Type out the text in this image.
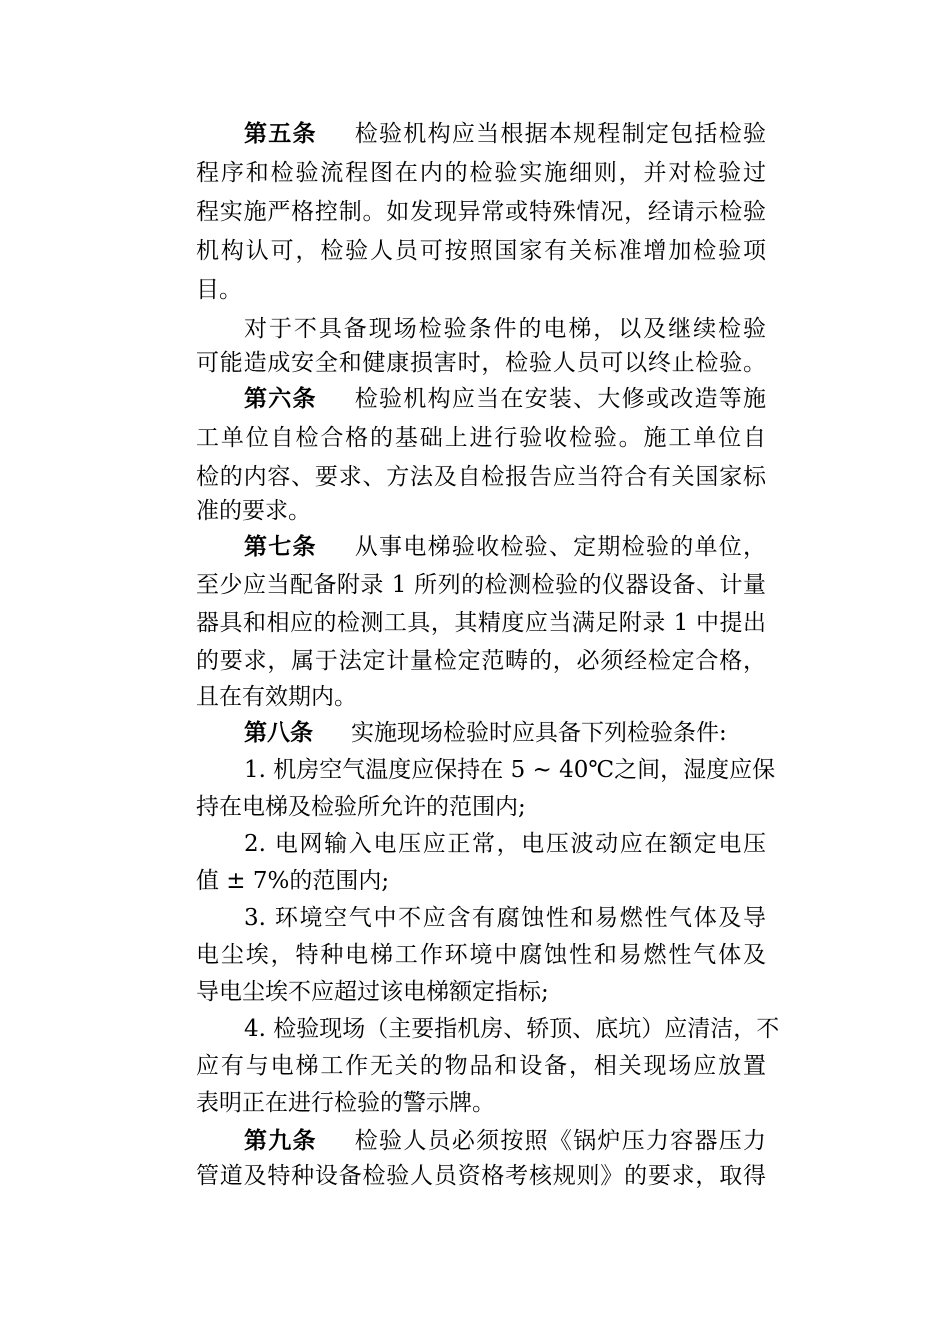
第五条 检验机构应当根据本规程制定包括检验
程序和检验流程图在内的检验实施细则，并对检验过
程实施严格控制。如发现异常或特殊情况，经请示检验
机构认可，检验人员可按照国家有关标准增加检验项
目。
对于不具备现场检验条件的电梯，以及继续检验
可能造成安全和健康损害时，检验人员可以终止检验。
第六条 检验机构应当在安装、大修或改造等施
工单位自检合格的基础上进行验收检验。施工单位自
检的内容、要求、方法及自检报告应当符合有关国家标
准的要求。
第七条 从事电梯验收检验、定期检验的单位，
至少应当配备附录 1 所列的检测检验的仪器设备、计量
器具和相应的检测工具，其精度应当满足附录 1 中提出
的要求，属于法定计量检定范畴的，必须经检定合格，
且在有效期内。
第八条 实施现场检验时应具备下列检验条件:
1. 机房空气温度应保持在 5 ~ 40℃之间，湿度应保
持在电梯及检验所允许的范围内;
2. 电网输入电压应正常，电压波动应在额定电压
值 ± 7%的范围内;
3. 环境空气中不应含有腐蚀性和易燃性气体及导
电尘埃，特种电梯工作环境中腐蚀性和易燃性气体及
导电尘埃不应超过该电梯额定指标;
4. 检验现场（主要指机房、轿顶、底坑）应清洁，不
应有与电梯工作无关的物品和设备，相关现场应放置
表明正在进行检验的警示牌。
第九条 检验人员必须按照《锅炉压力容器压力
管道及特种设备检验人员资格考核规则》的要求，取得
